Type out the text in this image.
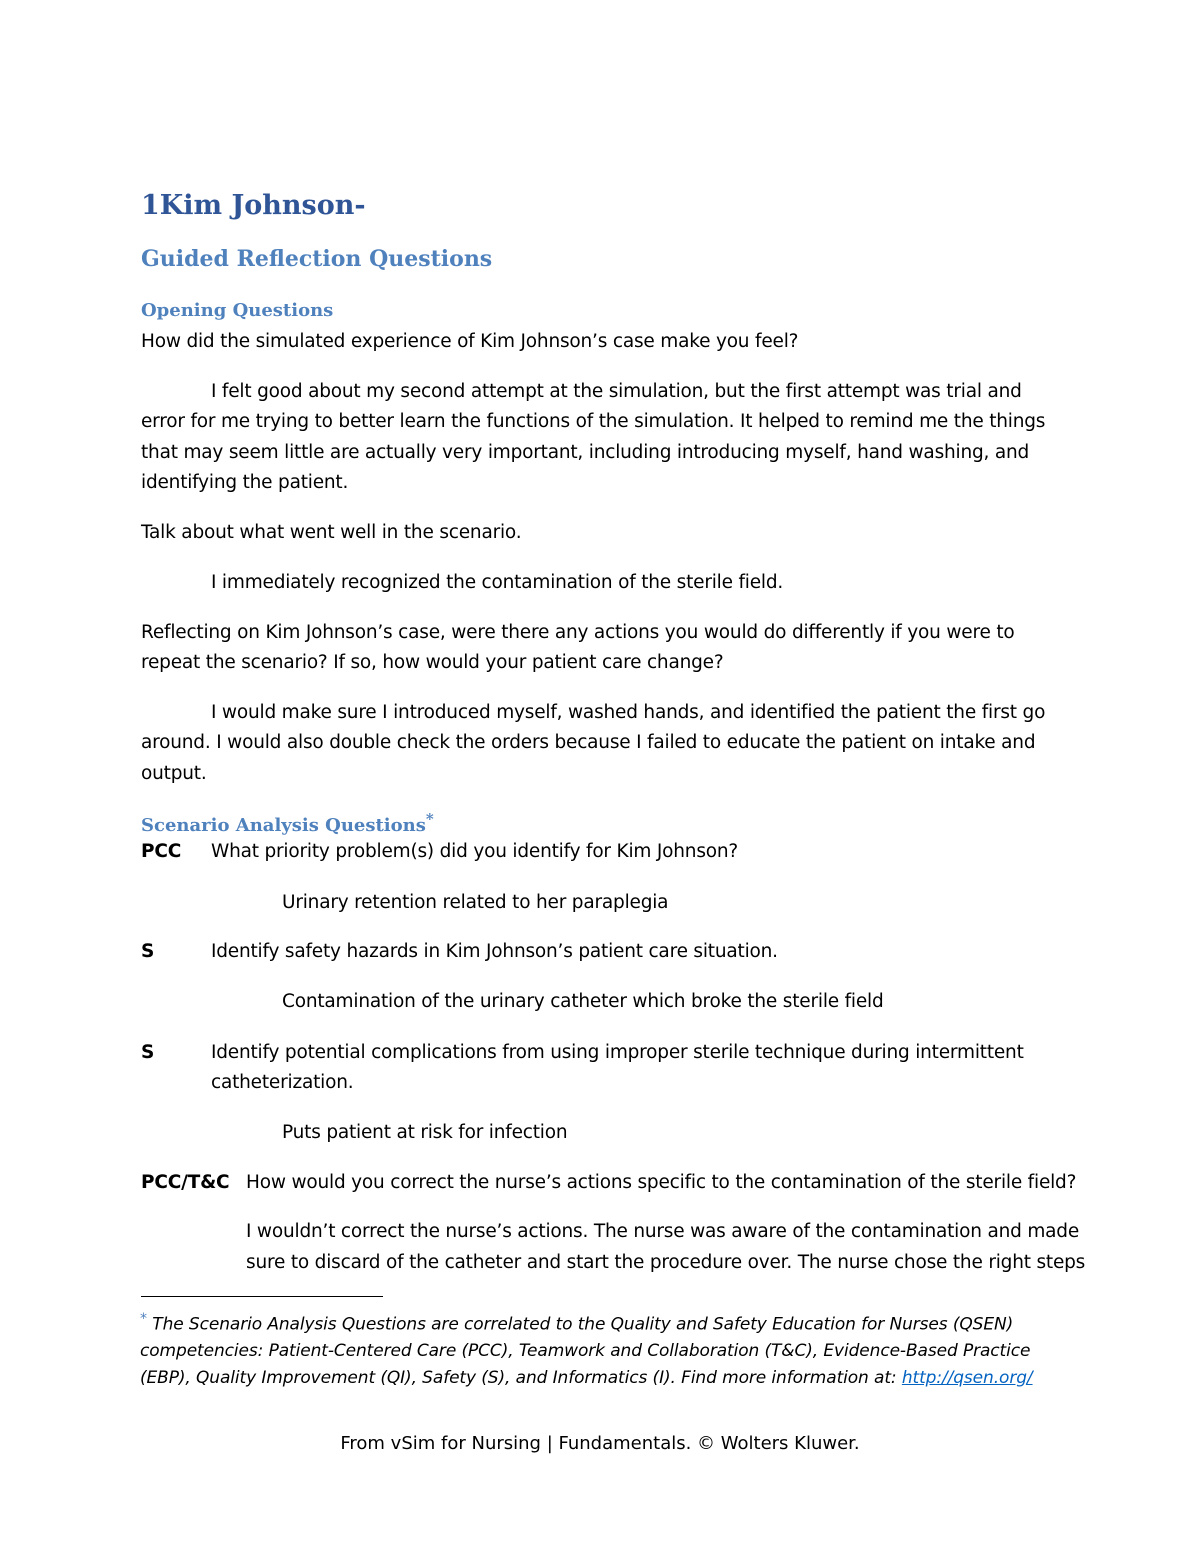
1Kim Johnson-
Guided Reflection Questions
Opening Questions
How did the simulated experience of Kim Johnson’s case make you feel?
I felt good about my second attempt at the simulation, but the first attempt was trial and error for me trying to better learn the functions of the simulation. It helped to remind me the things that may seem little are actually very important, including introducing myself, hand washing, and identifying the patient.
Talk about what went well in the scenario.
I immediately recognized the contamination of the sterile field.
Reflecting on Kim Johnson’s case, were there any actions you would do differently if you were to repeat the scenario? If so, how would your patient care change?
I would make sure I introduced myself, washed hands, and identified the patient the first go around. I would also double check the orders because I failed to educate the patient on intake and output.
Scenario Analysis Questions*
PCC What priority problem(s) did you identify for Kim Johnson?
Urinary retention related to her paraplegia
S	Identify safety hazards in Kim Johnson’s patient care situation.
Contamination of the urinary catheter which broke the sterile field
S	Identify potential complications from using improper sterile technique during intermittent
catheterization.
Puts patient at risk for infection
PCC/T&C How would you correct the nurse’s actions specific to the contamination of the sterile field?
I wouldn’t correct the nurse’s actions. The nurse was aware of the contamination and made
sure to discard of the catheter and start the procedure over. The nurse chose the right steps
* The Scenario Analysis Questions are correlated to the Quality and Safety Education for Nurses (QSEN) competencies: Patient-Centered Care (PCC), Teamwork and Collaboration (T&C), Evidence-Based Practice (EBP), Quality Improvement (QI), Safety (S), and Informatics (I). Find more information at: http://qsen.org/
From vSim for Nursing | Fundamentals. © Wolters Kluwer.
